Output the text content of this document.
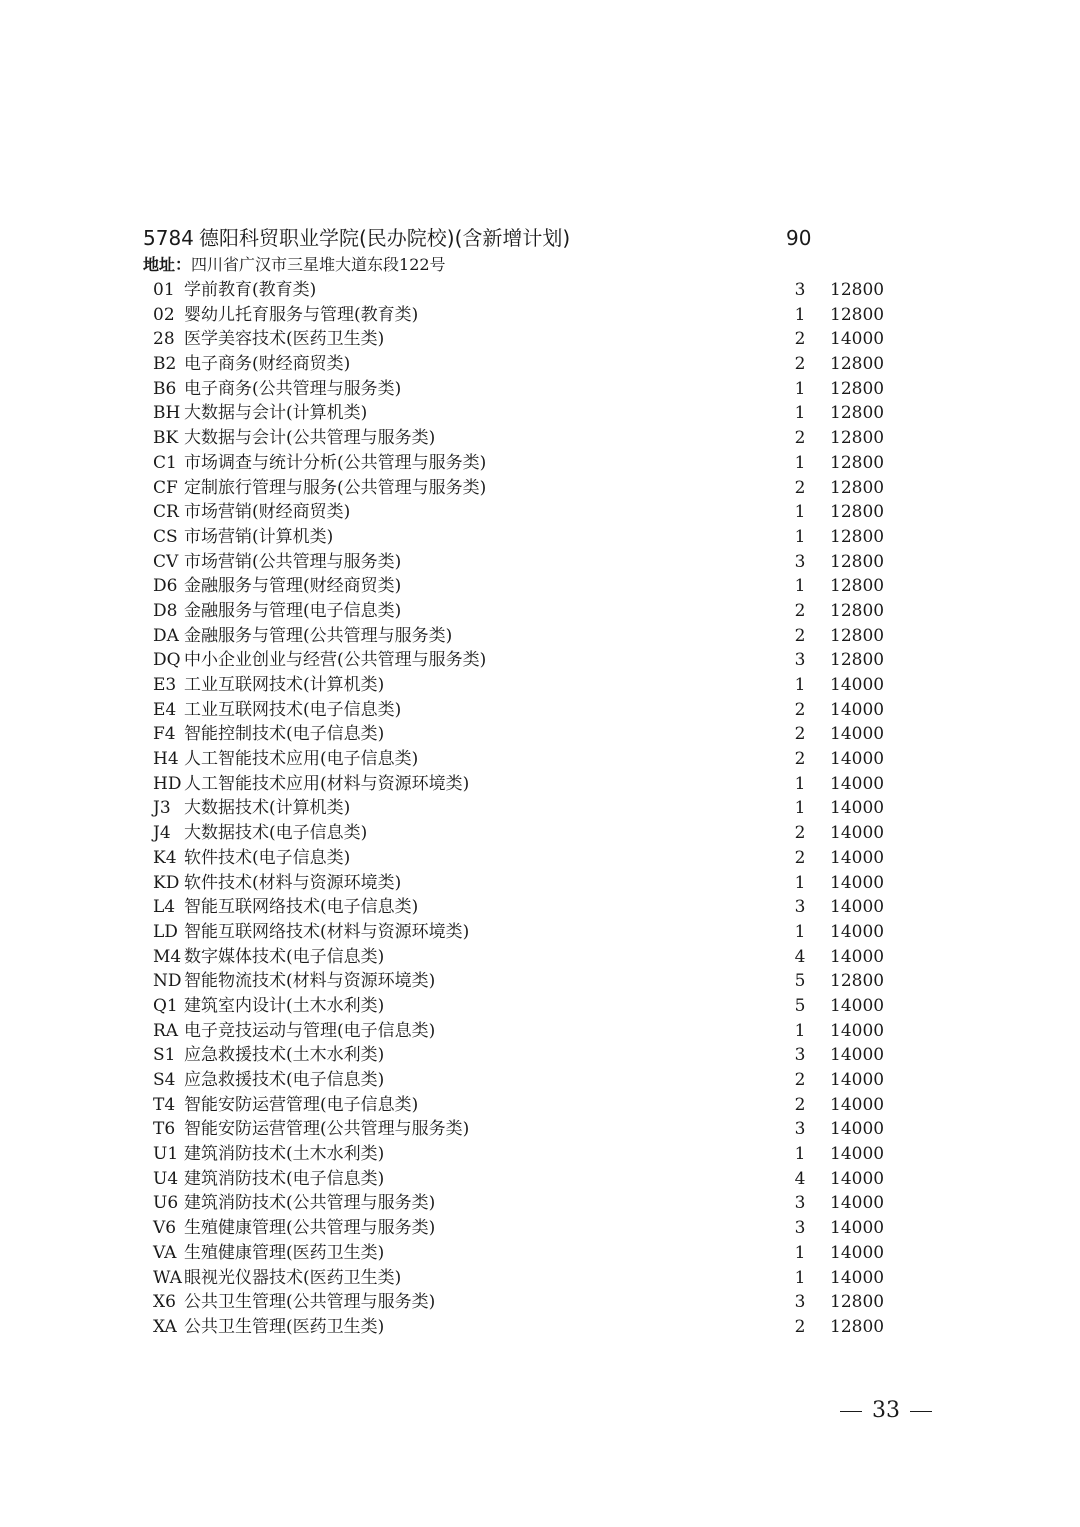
5784 德阳科贸职业学院(民办院校)(含新增计划)	90
地址：四川省广汉市三星堆大道东段122号
01 学前教育(教育类)	3 12800
02 婴幼儿托育服务与管理(教育类)	1 12800
28 医学美容技术(医药卫生类)	2 14000
B2 电子商务(财经商贸类)	2 12800
B6 电子商务(公共管理与服务类)	1 12800
BH 大数据与会计(计算机类)	1 12800
BK 大数据与会计(公共管理与服务类)	2 12800
C1 市场调查与统计分析(公共管理与服务类)	1 12800
CF 定制旅行管理与服务(公共管理与服务类)	2 12800
CR 市场营销(财经商贸类)	1 12800
CS 市场营销(计算机类)	1 12800
CV 市场营销(公共管理与服务类)	3 12800
D6 金融服务与管理(财经商贸类)	1 12800
D8 金融服务与管理(电子信息类)	2 12800
DA 金融服务与管理(公共管理与服务类)	2 12800
DQ 中小企业创业与经营(公共管理与服务类)	3 12800
E3 工业互联网技术(计算机类)	1 14000
E4 工业互联网技术(电子信息类)	2 14000
F4 智能控制技术(电子信息类)	2 14000
H4 人工智能技术应用(电子信息类)	2 14000
HD 人工智能技术应用(材料与资源环境类)	1 14000
J3 大数据技术(计算机类)	1 14000
J4 大数据技术(电子信息类)	2 14000
K4 软件技术(电子信息类)	2 14000
KD 软件技术(材料与资源环境类)	1 14000
L4 智能互联网络技术(电子信息类)	3 14000
LD 智能互联网络技术(材料与资源环境类)	1 14000
M4 数字媒体技术(电子信息类)	4 14000
ND 智能物流技术(材料与资源环境类)	5 12800
Q1 建筑室内设计(土木水利类)	5 14000
RA 电子竞技运动与管理(电子信息类)	1 14000
S1 应急救援技术(土木水利类)	3 14000
S4 应急救援技术(电子信息类)	2 14000
T4 智能安防运营管理(电子信息类)	2 14000
T6 智能安防运营管理(公共管理与服务类)	3 14000
U1 建筑消防技术(土木水利类)	1 14000
U4 建筑消防技术(电子信息类)	4 14000
U6 建筑消防技术(公共管理与服务类)	3 14000
V6 生殖健康管理(公共管理与服务类)	3 14000
VA 生殖健康管理(医药卫生类)	1 14000
WA 眼视光仪器技术(医药卫生类)	1 14000
X6 公共卫生管理(公共管理与服务类)	3 12800
XA 公共卫生管理(医药卫生类)	2 12800
33
